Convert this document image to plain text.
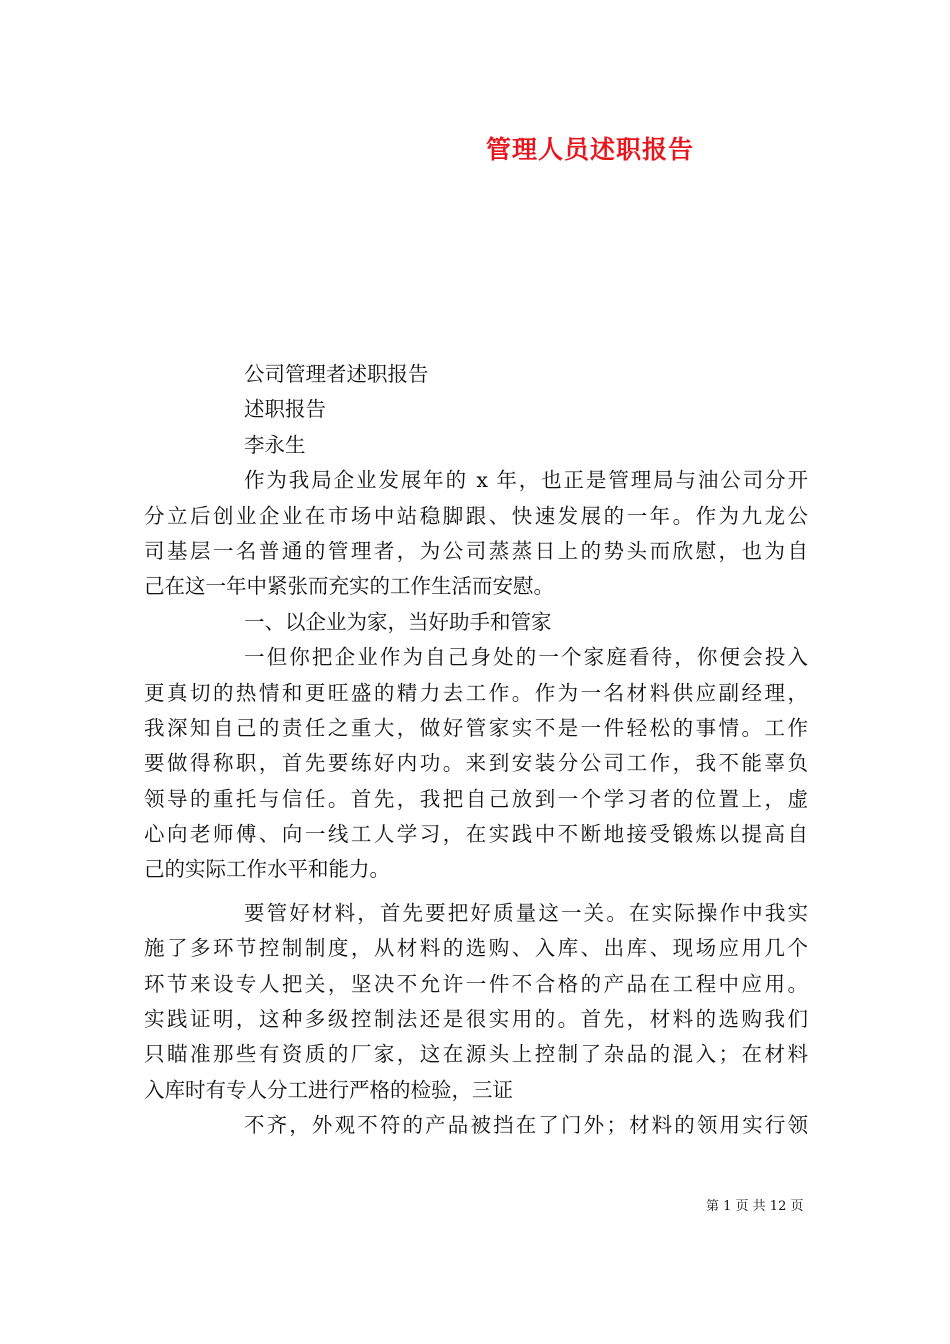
管理人员述职报告
公司管理者述职报告
述职报告
李永生
作为我局企业发展年的 x 年，也正是管理局与油公司分开
分立后创业企业在市场中站稳脚跟、快速发展的一年。作为九龙公
司基层一名普通的管理者，为公司蒸蒸日上的势头而欣慰，也为自
己在这一年中紧张而充实的工作生活而安慰。
一、以企业为家，当好助手和管家
一但你把企业作为自己身处的一个家庭看待，你便会投入
更真切的热情和更旺盛的精力去工作。作为一名材料供应副经理，
我深知自己的责任之重大，做好管家实不是一件轻松的事情。工作
要做得称职，首先要练好内功。来到安装分公司工作，我不能辜负
领导的重托与信任。首先，我把自己放到一个学习者的位置上，虚
心向老师傅、向一线工人学习，在实践中不断地接受锻炼以提高自
己的实际工作水平和能力。
要管好材料，首先要把好质量这一关。在实际操作中我实
施了多环节控制制度，从材料的选购、入库、出库、现场应用几个
环节来设专人把关，坚决不允许一件不合格的产品在工程中应用。
实践证明，这种多级控制法还是很实用的。首先，材料的选购我们
只瞄准那些有资质的厂家，这在源头上控制了杂品的混入；在材料
入库时有专人分工进行严格的检验，三证
不齐，外观不符的产品被挡在了门外；材料的领用实行领
第 1 页 共 12 页
